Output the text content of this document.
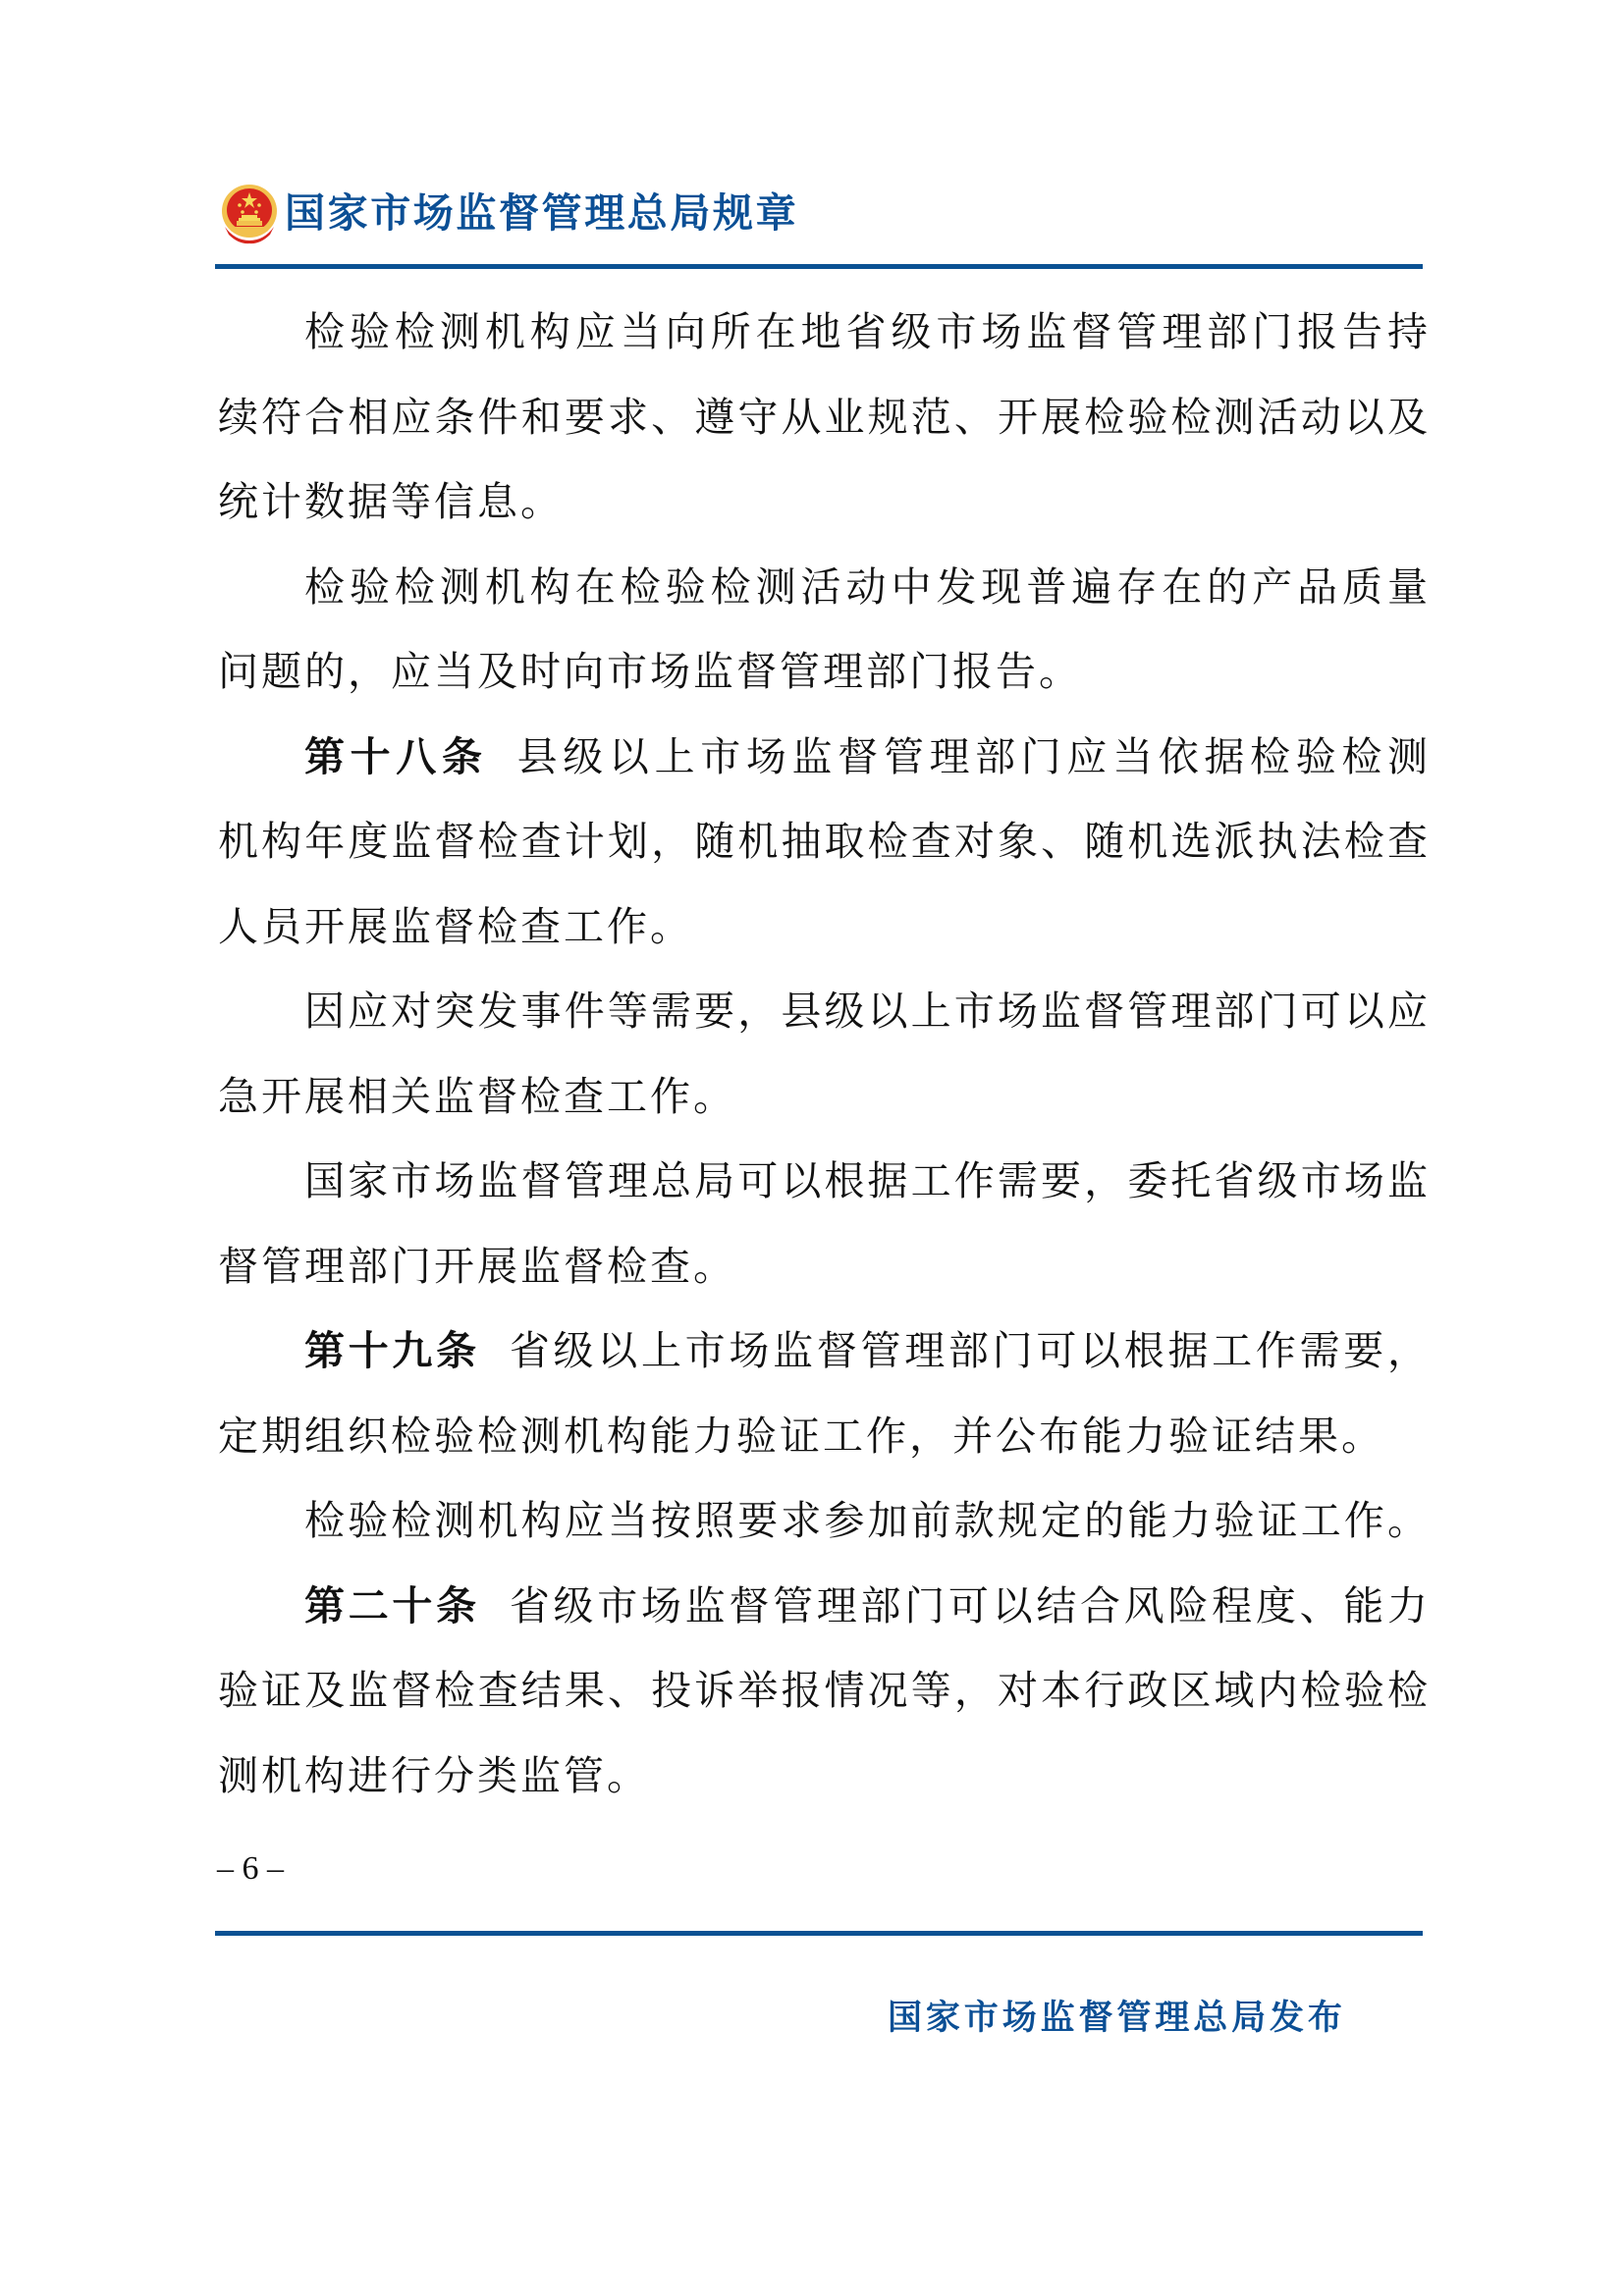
国家市场监督管理总局规章
检验检测机构应当向所在地省级市场监督管理部门报告持
续符合相应条件和要求、遵守从业规范、开展检验检测活动以及
统计数据等信息。
检验检测机构在检验检测活动中发现普遍存在的产品质量
问题的，应当及时向市场监督管理部门报告。
第十八条 县级以上市场监督管理部门应当依据检验检测
机构年度监督检查计划，随机抽取检查对象、随机选派执法检查
人员开展监督检查工作。
因应对突发事件等需要，县级以上市场监督管理部门可以应
急开展相关监督检查工作。
国家市场监督管理总局可以根据工作需要，委托省级市场监
督管理部门开展监督检查。
第十九条 省级以上市场监督管理部门可以根据工作需要，
定期组织检验检测机构能力验证工作，并公布能力验证结果。
检验检测机构应当按照要求参加前款规定的能力验证工作。
第二十条 省级市场监督管理部门可以结合风险程度、能力
验证及监督检查结果、投诉举报情况等，对本行政区域内检验检
测机构进行分类监管。
– 6 –
国家市场监督管理总局发布
